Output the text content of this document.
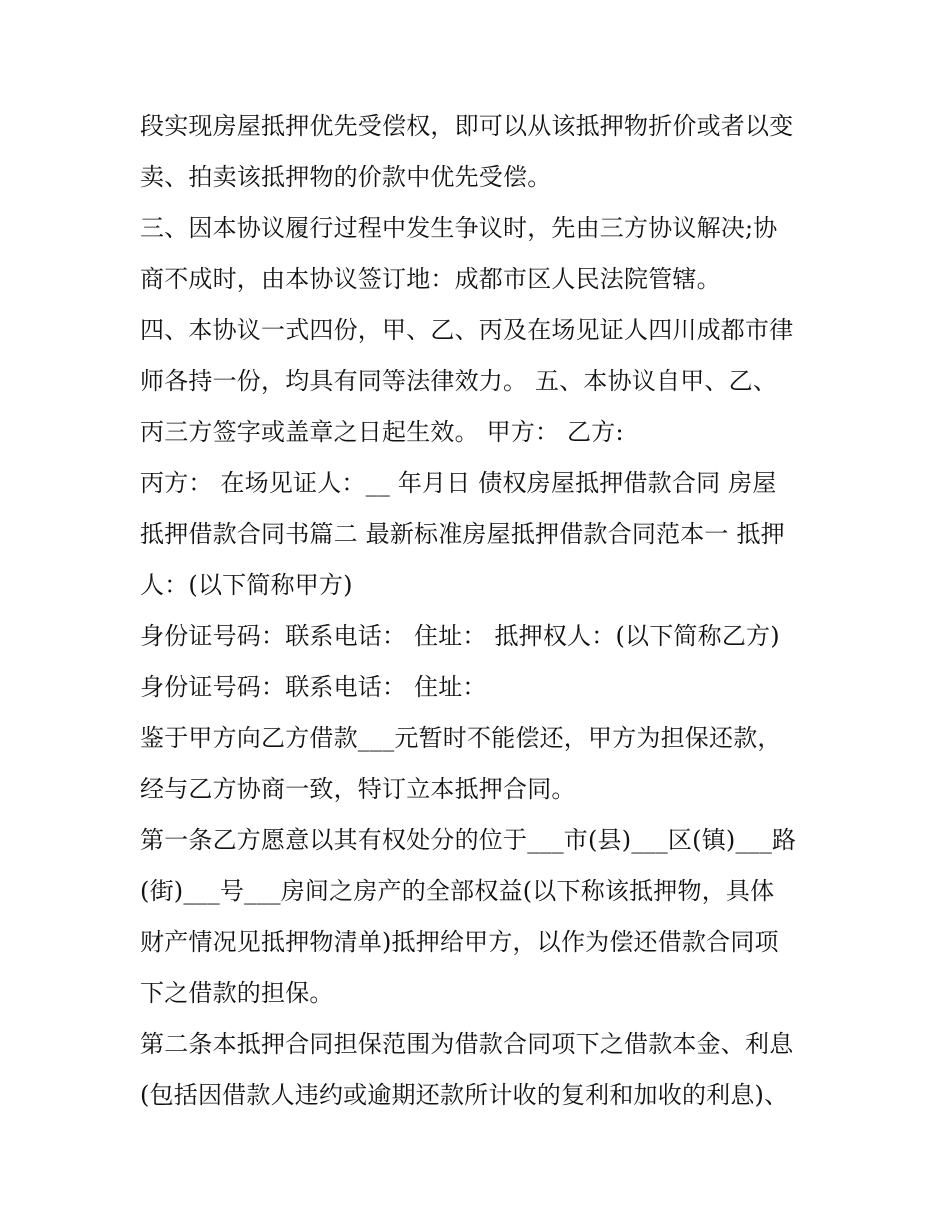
段实现房屋抵押优先受偿权，即可以从该抵押物折价或者以变
卖、拍卖该抵押物的价款中优先受偿。
三、因本协议履行过程中发生争议时，先由三方协议解决;协
商不成时，由本协议签订地：成都市区人民法院管辖。
四、本协议一式四份，甲、乙、丙及在场见证人四川成都市律
师各持一份，均具有同等法律效力。 五、本协议自甲、乙、
丙三方签字或盖章之日起生效。 甲方： 乙方:
丙方： 在场见证人：__ 年月日 债权房屋抵押借款合同 房屋
抵押借款合同书篇二 最新标准房屋抵押借款合同范本一 抵押
人：(以下简称甲方)
身份证号码：联系电话： 住址： 抵押权人：(以下简称乙方)
身份证号码：联系电话： 住址：
鉴于甲方向乙方借款___元暂时不能偿还，甲方为担保还款，
经与乙方协商一致，特订立本抵押合同。
第一条乙方愿意以其有权处分的位于___市(县)___区(镇)___路
(街)___号___房间之房产的全部权益(以下称该抵押物，具体
财产情况见抵押物清单)抵押给甲方，以作为偿还借款合同项
下之借款的担保。
第二条本抵押合同担保范围为借款合同项下之借款本金、利息
(包括因借款人违约或逾期还款所计收的复利和加收的利息)、
